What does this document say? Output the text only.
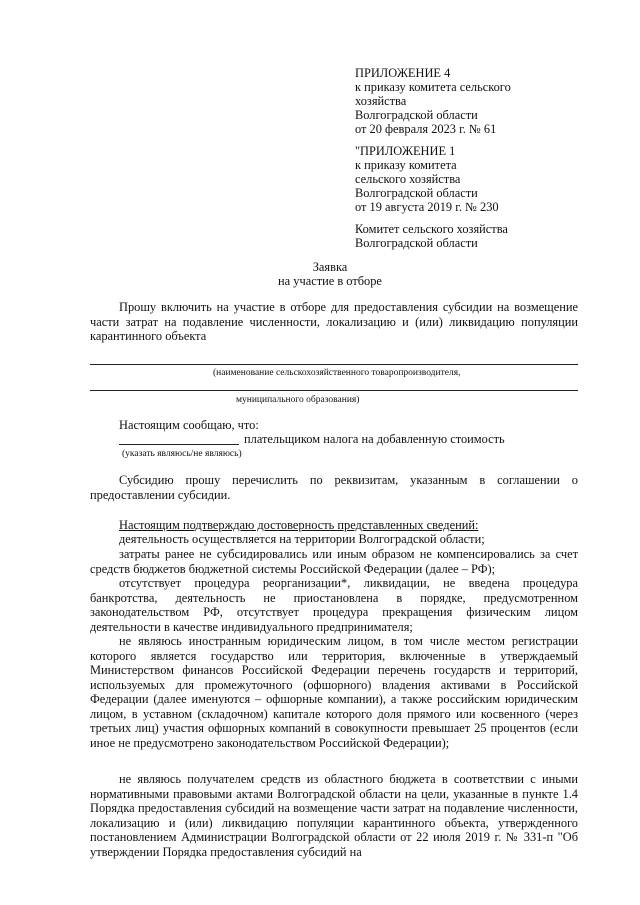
ПРИЛОЖЕНИЕ 4
к приказу комитета сельского
хозяйства
Волгоградской области
от 20 февраля 2023 г. № 61
"ПРИЛОЖЕНИЕ 1
к приказу комитета
сельского хозяйства
Волгоградской области
от 19 августа 2019 г. № 230
Комитет сельского хозяйства
Волгоградской области
Заявка
на участие в отборе
Прошу включить на участие в отборе для предоставления субсидии на возмещение части затрат на подавление численности, локализацию и (или) ликвидацию популяции карантинного объекта
(наименование сельскохозяйственного товаропроизводителя,
муниципального образования)
Настоящим сообщаю, что:
плательщиком налога на добавленную стоимость
(указать являюсь/не являюсь)
Субсидию прошу перечислить по реквизитам, указанным в соглашении о предоставлении субсидии.
Настоящим подтверждаю достоверность представленных сведений:
деятельность осуществляется на территории Волгоградской области;
затраты ранее не субсидировались или иным образом не компенсировались за счет средств бюджетов бюджетной системы Российской Федерации (далее – РФ);
отсутствует процедура реорганизации*, ликвидации, не введена процедура банкротства, деятельность не приостановлена в порядке, предусмотренном законодательством РФ, отсутствует процедура прекращения физическим лицом деятельности в качестве индивидуального предпринимателя;
не являюсь иностранным юридическим лицом, в том числе местом регистрации которого является государство или территория, включенные в утверждаемый Министерством финансов Российской Федерации перечень государств и территорий, используемых для промежуточного (офшорного) владения активами в Российской Федерации (далее именуются – офшорные компании), а также российским юридическим лицом, в уставном (складочном) капитале которого доля прямого или косвенного (через третьих лиц) участия офшорных компаний в совокупности превышает 25 процентов (если иное не предусмотрено законодательством Российской Федерации);
не являюсь получателем средств из областного бюджета в соответствии с иными нормативными правовыми актами Волгоградской области на цели, указанные в пункте 1.4 Порядка предоставления субсидий на возмещение части затрат на подавление численности, локализацию и (или) ликвидацию популяции карантинного объекта, утвержденного постановлением Администрации Волгоградской области от 22 июля 2019 г. № 331-п "Об утверждении Порядка предоставления субсидий на
